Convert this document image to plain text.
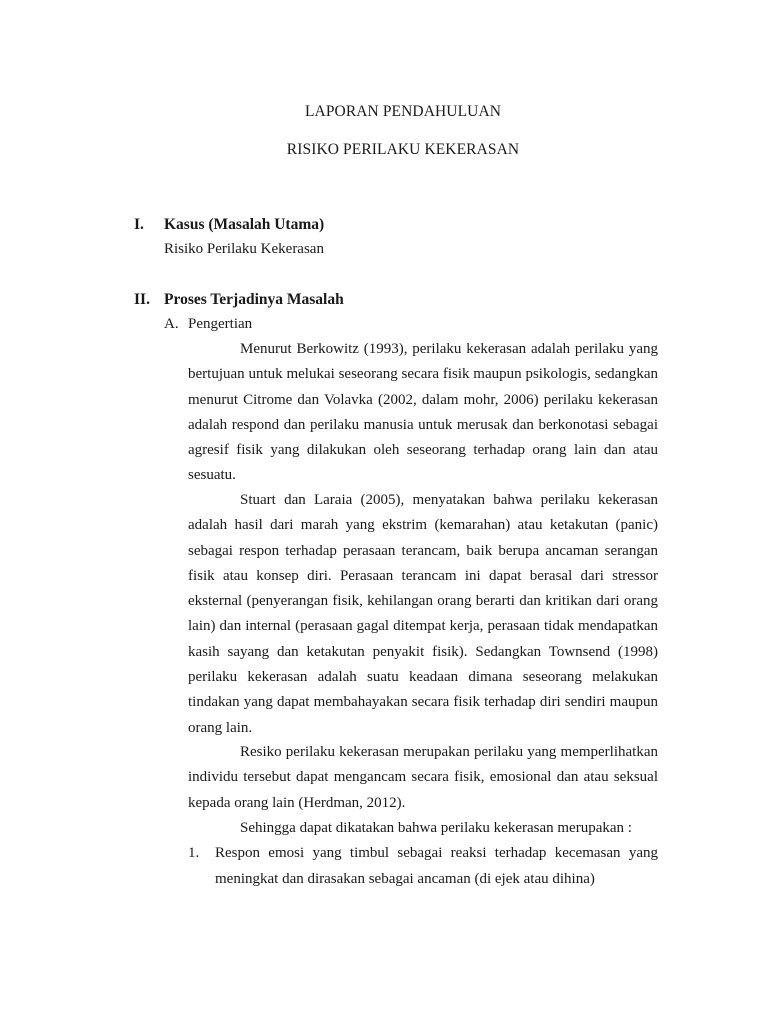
LAPORAN PENDAHULUAN
RISIKO PERILAKU KEKERASAN
I. Kasus (Masalah Utama)
Risiko Perilaku Kekerasan
II. Proses Terjadinya Masalah
A. Pengertian

Menurut Berkowitz (1993), perilaku kekerasan adalah perilaku yang bertujuan untuk melukai seseorang secara fisik maupun psikologis, sedangkan menurut Citrome dan Volavka (2002, dalam mohr, 2006) perilaku kekerasan adalah respond dan perilaku manusia untuk merusak dan berkonotasi sebagai agresif fisik yang dilakukan oleh seseorang terhadap orang lain dan atau sesuatu.

Stuart dan Laraia (2005), menyatakan bahwa perilaku kekerasan adalah hasil dari marah yang ekstrim (kemarahan) atau ketakutan (panic) sebagai respon terhadap perasaan terancam, baik berupa ancaman serangan fisik atau konsep diri. Perasaan terancam ini dapat berasal dari stressor eksternal (penyerangan fisik, kehilangan orang berarti dan kritikan dari orang lain) dan internal (perasaan gagal ditempat kerja, perasaan tidak mendapatkan kasih sayang dan ketakutan penyakit fisik). Sedangkan Townsend (1998) perilaku kekerasan adalah suatu keadaan dimana seseorang melakukan tindakan yang dapat membahayakan secara fisik terhadap diri sendiri maupun orang lain.

Resiko perilaku kekerasan merupakan perilaku yang memperlihatkan individu tersebut dapat mengancam secara fisik, emosional dan atau seksual kepada orang lain (Herdman, 2012).

Sehingga dapat dikatakan bahwa perilaku kekerasan merupakan :

1. Respon emosi yang timbul sebagai reaksi terhadap kecemasan yang meningkat dan dirasakan sebagai ancaman (di ejek atau dihina)
